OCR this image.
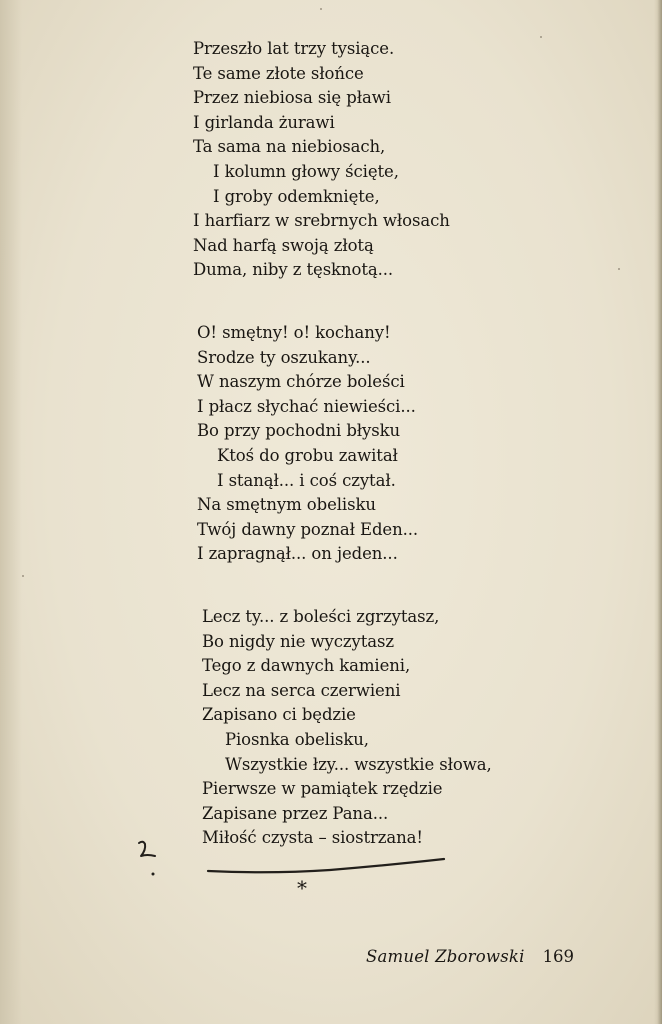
Przeszło lat trzy tysiące.
Te same złote słońce
Przez niebiosa się pławi
I girlanda żurawi
Ta sama na niebiosach,
I kolumn głowy ścięte,
I groby odemknięte,
I harfiarz w srebrnych włosach
Nad harfą swoją złotą
Duma, niby z tęsknotą...
O! smętny! o! kochany!
Srodze ty oszukany...
W naszym chórze boleści
I płacz słychać niewieści...
Bo przy pochodni błysku
Ktoś do grobu zawitał
I stanął... i coś czytał.
Na smętnym obelisku
Twój dawny poznał Eden...
I zapragnął... on jeden...
Lecz ty... z boleści zgrzytasz,
Bo nigdy nie wyczytasz
Tego z dawnych kamieni,
Lecz na serca czerwieni
Zapisano ci będzie
Piosnka obelisku,
Wszystkie łzy... wszystkie słowa,
Pierwsze w pamiątek rzędzie
Zapisane przez Pana...
Miłość czysta – siostrzana!
*
Samuel Zborowski 169
